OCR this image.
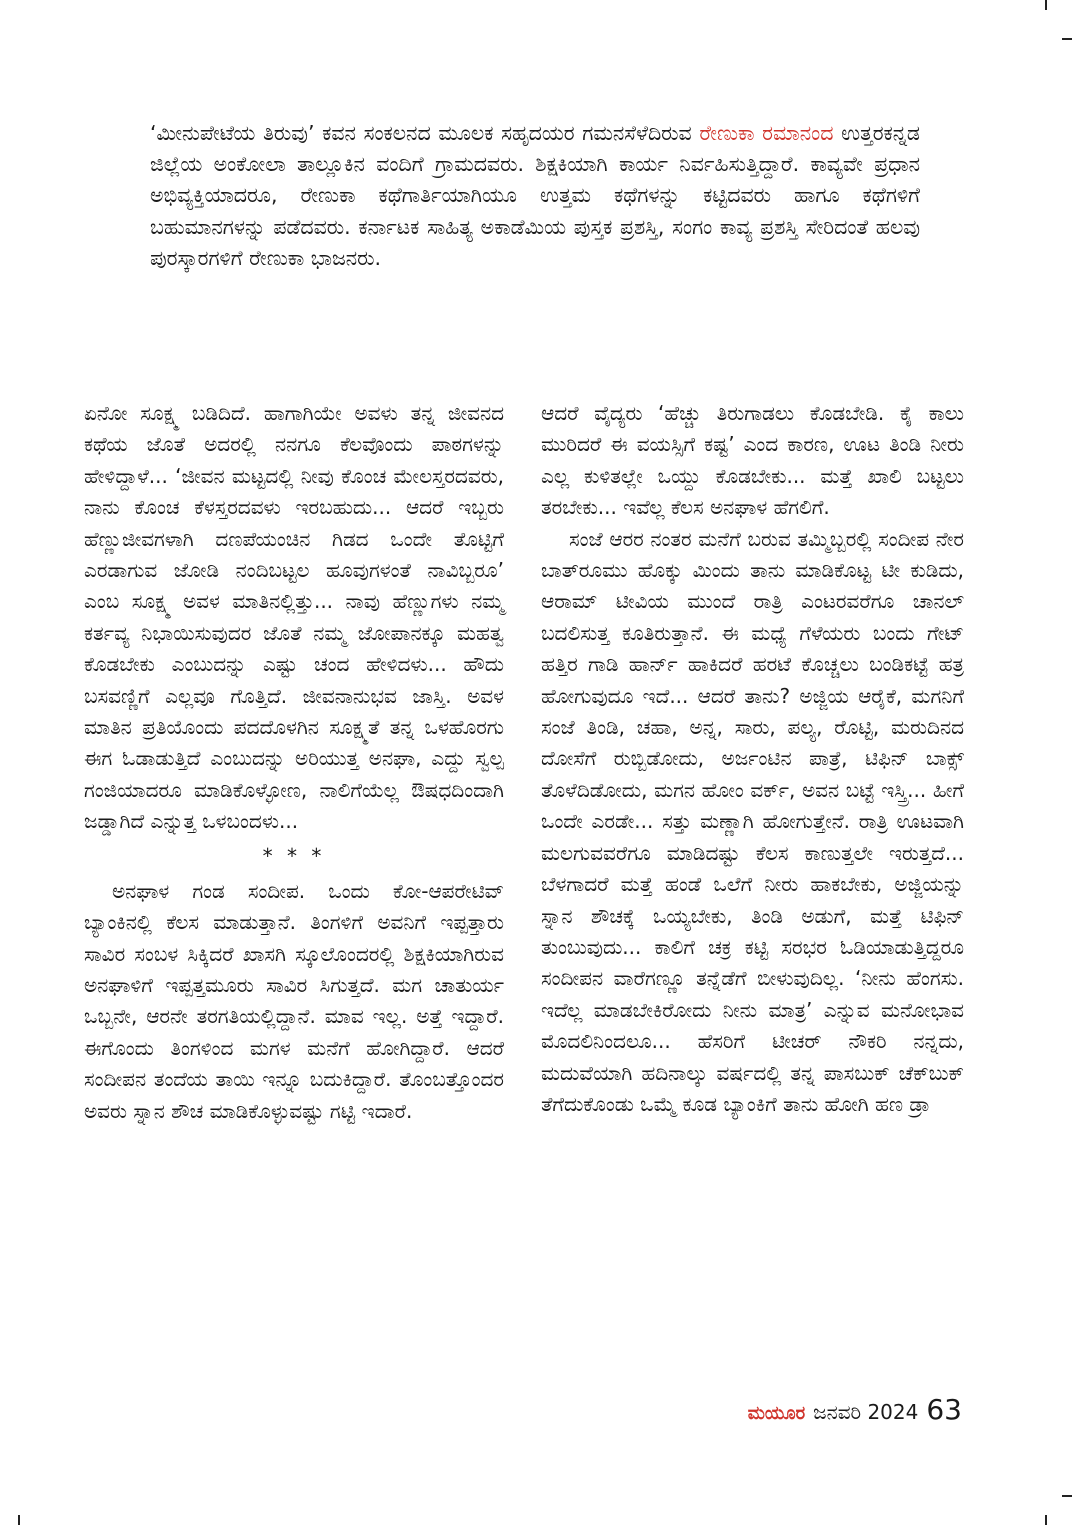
‘ಮೀನುಪೇಟೆಯ ತಿರುವು’ ಕವನ ಸಂಕಲನದ ಮೂಲಕ ಸಹೃದಯರ ಗಮನಸೆಳೆದಿರುವ ರೇಣುಕಾ ರಮಾನಂದ ಉತ್ತರಕನ್ನಡ ಜಿಲ್ಲೆಯ ಅಂಕೋಲಾ ತಾಲ್ಲೂಕಿನ ವಂದಿಗೆ ಗ್ರಾಮದವರು. ಶಿಕ್ಷಕಿಯಾಗಿ ಕಾರ್ಯ ನಿರ್ವಹಿಸುತ್ತಿದ್ದಾರೆ. ಕಾವ್ಯವೇ ಪ್ರಧಾನ ಅಭಿವ್ಯಕ್ತಿಯಾದರೂ, ರೇಣುಕಾ ಕಥೆಗಾರ್ತಿಯಾಗಿಯೂ ಉತ್ತಮ ಕಥೆಗಳನ್ನು ಕಟ್ಟಿದವರು ಹಾಗೂ ಕಥೆಗಳಿಗೆ ಬಹುಮಾನಗಳನ್ನು ಪಡೆದವರು. ಕರ್ನಾಟಕ ಸಾಹಿತ್ಯ ಅಕಾಡೆಮಿಯ ಪುಸ್ತಕ ಪ್ರಶಸ್ತಿ, ಸಂಗಂ ಕಾವ್ಯ ಪ್ರಶಸ್ತಿ ಸೇರಿದಂತೆ ಹಲವು ಪುರಸ್ಕಾರಗಳಿಗೆ ರೇಣುಕಾ ಭಾಜನರು.

ಏನೋ ಸೂಕ್ಷ್ಮ ಬಡಿದಿದೆ. ಹಾಗಾಗಿಯೇ ಅವಳು ತನ್ನ ಜೀವನದ ಕಥೆಯ ಜೊತೆ ಅದರಲ್ಲಿ ನನಗೂ ಕೆಲವೊಂದು ಪಾಠಗಳನ್ನು ಹೇಳಿದ್ದಾಳೆ... ‘ಜೀವನ ಮಟ್ಟದಲ್ಲಿ ನೀವು ಕೊಂಚ ಮೇಲಸ್ತರದವರು, ನಾನು ಕೊಂಚ ಕೆಳಸ್ತರದವಳು ಇರಬಹುದು... ಆದರೆ ಇಬ್ಬರು ಹೆಣ್ಣುಜೀವಗಳಾಗಿ ದಣಪೆಯಂಚಿನ ಗಿಡದ ಒಂದೇ ತೊಟ್ಟಿಗೆ ಎರಡಾಗುವ ಜೋಡಿ ನಂದಿಬಟ್ಟಲ ಹೂವುಗಳಂತೆ ನಾವಿಬ್ಬರೂ’ ಎಂಬ ಸೂಕ್ಷ್ಮ ಅವಳ ಮಾತಿನಲ್ಲಿತ್ತು... ನಾವು ಹೆಣ್ಣುಗಳು ನಮ್ಮ ಕರ್ತವ್ಯ ನಿಭಾಯಿಸುವುದರ ಜೊತೆ ನಮ್ಮ ಜೋಪಾನಕ್ಕೂ ಮಹತ್ವ ಕೊಡಬೇಕು ಎಂಬುದನ್ನು ಎಷ್ಟು ಚಂದ ಹೇಳಿದಳು... ಹೌದು ಬಸವಣ್ಣಿಗೆ ಎಲ್ಲವೂ ಗೊತ್ತಿದೆ. ಜೀವನಾನುಭವ ಜಾಸ್ತಿ. ಅವಳ ಮಾತಿನ ಪ್ರತಿಯೊಂದು ಪದದೊಳಗಿನ ಸೂಕ್ಷ್ಮತೆ ತನ್ನ ಒಳಹೊರಗು ಈಗ ಓಡಾಡುತ್ತಿದೆ ಎಂಬುದನ್ನು ಅರಿಯುತ್ತ ಅನಘಾ, ಎದ್ದು ಸ್ವಲ್ಪ ಗಂಜಿಯಾದರೂ ಮಾಡಿಕೊಳ್ಳೋಣ, ನಾಲಿಗೆಯೆಲ್ಲ ಔಷಧದಿಂದಾಗಿ ಜಡ್ಡಾಗಿದೆ ಎನ್ನುತ್ತ ಒಳಬಂದಳು...

* * *

ಅನಘಾಳ ಗಂಡ ಸಂದೀಪ. ಒಂದು ಕೋ-ಆಪರೇಟಿವ್ ಬ್ಯಾಂಕಿನಲ್ಲಿ ಕೆಲಸ ಮಾಡುತ್ತಾನೆ. ತಿಂಗಳಿಗೆ ಅವನಿಗೆ ಇಪ್ಪತ್ತಾರು ಸಾವಿರ ಸಂಬಳ ಸಿಕ್ಕಿದರೆ ಖಾಸಗಿ ಸ್ಕೂಲೊಂದರಲ್ಲಿ ಶಿಕ್ಷಕಿಯಾಗಿರುವ ಅನಘಾಳಿಗೆ ಇಪ್ಪತ್ತಮೂರು ಸಾವಿರ ಸಿಗುತ್ತದೆ. ಮಗ ಚಾತುರ್ಯ ಒಬ್ಬನೇ, ಆರನೇ ತರಗತಿಯಲ್ಲಿದ್ದಾನೆ. ಮಾವ ಇಲ್ಲ. ಅತ್ತೆ ಇದ್ದಾರೆ. ಈಗೊಂದು ತಿಂಗಳಿಂದ ಮಗಳ ಮನೆಗೆ ಹೋಗಿದ್ದಾರೆ. ಆದರೆ ಸಂದೀಪನ ತಂದೆಯ ತಾಯಿ ಇನ್ನೂ ಬದುಕಿದ್ದಾರೆ. ತೊಂಬತ್ತೊಂದರ ಅವರು ಸ್ನಾನ ಶೌಚ ಮಾಡಿಕೊಳ್ಳುವಷ್ಟು ಗಟ್ಟಿ ಇದಾರೆ.

ಆದರೆ ವೈದ್ಯರು ‘ಹೆಚ್ಚು ತಿರುಗಾಡಲು ಕೊಡಬೇಡಿ. ಕೈ ಕಾಲು ಮುರಿದರೆ ಈ ವಯಸ್ಸಿಗೆ ಕಷ್ಟ’ ಎಂದ ಕಾರಣ, ಊಟ ತಿಂಡಿ ನೀರು ಎಲ್ಲ ಕುಳಿತಲ್ಲೇ ಒಯ್ದು ಕೊಡಬೇಕು... ಮತ್ತೆ ಖಾಲಿ ಬಟ್ಟಲು ತರಬೇಕು... ಇವೆಲ್ಲ ಕೆಲಸ ಅನಘಾಳ ಹೆಗಲಿಗೆ.

ಸಂಜೆ ಆರರ ನಂತರ ಮನೆಗೆ ಬರುವ ತಮ್ಮಿಬ್ಬರಲ್ಲಿ ಸಂದೀಪ ನೇರ ಬಾತ್‌ರೂಮು ಹೊಕ್ಕು ಮಿಂದು ತಾನು ಮಾಡಿಕೊಟ್ಟ ಟೀ ಕುಡಿದು, ಆರಾಮ್ ಟೀವಿಯ ಮುಂದೆ ರಾತ್ರಿ ಎಂಟರವರೆಗೂ ಚಾನಲ್ ಬದಲಿಸುತ್ತ ಕೂತಿರುತ್ತಾನೆ. ಈ ಮಧ್ಯೆ ಗೆಳೆಯರು ಬಂದು ಗೇಟ್ ಹತ್ತಿರ ಗಾಡಿ ಹಾರ್ನ್ ಹಾಕಿದರೆ ಹರಟೆ ಕೊಚ್ಚಲು ಬಂಡಿಕಟ್ಟೆ ಹತ್ರ ಹೋಗುವುದೂ ಇದೆ... ಆದರೆ ತಾನು? ಅಜ್ಜಿಯ ಆರೈಕೆ, ಮಗನಿಗೆ ಸಂಜೆ ತಿಂಡಿ, ಚಹಾ, ಅನ್ನ, ಸಾರು, ಪಲ್ಯ, ರೊಟ್ಟಿ, ಮರುದಿನದ ದೋಸೆಗೆ ರುಬ್ಬಿಡೋದು, ಅರ್ಜಂಟಿನ ಪಾತ್ರೆ, ಟಿಫಿನ್ ಬಾಕ್ಸ್ ತೊಳೆದಿಡೋದು, ಮಗನ ಹೋಂ ವರ್ಕ್, ಅವನ ಬಟ್ಟೆ ಇಸ್ತ್ರಿ... ಹೀಗೆ ಒಂದೇ ಎರಡೇ... ಸತ್ತು ಮಣ್ಣಾಗಿ ಹೋಗುತ್ತೇನೆ. ರಾತ್ರಿ ಊಟವಾಗಿ ಮಲಗುವವರೆಗೂ ಮಾಡಿದಷ್ಟು ಕೆಲಸ ಕಾಣುತ್ತಲೇ ಇರುತ್ತದೆ... ಬೆಳಗಾದರೆ ಮತ್ತೆ ಹಂಡೆ ಒಲೆಗೆ ನೀರು ಹಾಕಬೇಕು, ಅಜ್ಜಿಯನ್ನು ಸ್ನಾನ ಶೌಚಕ್ಕೆ ಒಯ್ಯಬೇಕು, ತಿಂಡಿ ಅಡುಗೆ, ಮತ್ತೆ ಟಿಫಿನ್ ತುಂಬುವುದು... ಕಾಲಿಗೆ ಚಕ್ರ ಕಟ್ಟಿ ಸರಭರ ಓಡಿಯಾಡುತ್ತಿದ್ದರೂ ಸಂದೀಪನ ವಾರೆಗಣ್ಣೂ ತನ್ನೆಡೆಗೆ ಬೀಳುವುದಿಲ್ಲ. ‘ನೀನು ಹೆಂಗಸು. ಇದೆಲ್ಲ ಮಾಡಬೇಕಿರೋದು ನೀನು ಮಾತ್ರ’ ಎನ್ನುವ ಮನೋಭಾವ ಮೊದಲಿನಿಂದಲೂ... ಹೆಸರಿಗೆ ಟೀಚರ್ ನೌಕರಿ ನನ್ನದು, ಮದುವೆಯಾಗಿ ಹದಿನಾಲ್ಕು ವರ್ಷದಲ್ಲಿ ತನ್ನ ಪಾಸಬುಕ್ ಚೆಕ್‌ಬುಕ್ ತೆಗೆದುಕೊಂಡು ಒಮ್ಮೆ ಕೂಡ ಬ್ಯಾಂಕಿಗೆ ತಾನು ಹೋಗಿ ಹಣ ಡ್ರಾ

ಮಯೂರ ಜನವರಿ 2024 63
